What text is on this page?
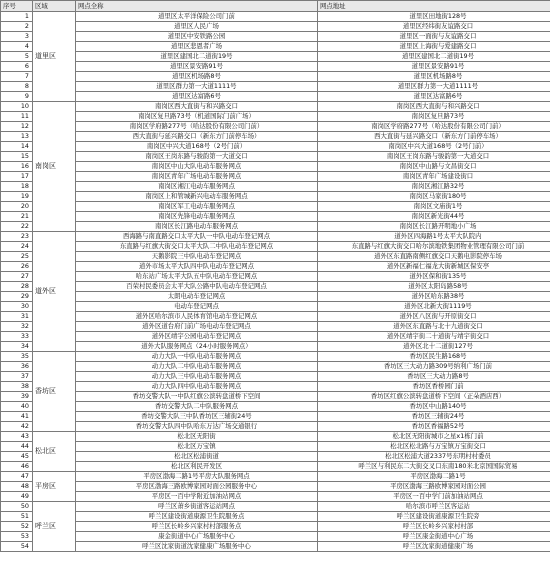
序号	区域	网点全称	网点地址
1	道里区	道里区太平洋保险公司门前	道里区田地街128号
2		道里区人民广场	道里区经纬街友谊路交口
3		道里区中安铁路公园	道里区一面街与友谊路交口
4		道里区悲恩者广场	道里区上海街与爱建路交口
5		道里区建国北二道街19号	道里区建国北二道街19号
6		道里区景安路91号	道里区景安路91号
7		道里区机场路8号	道里区机场路8号
8		道里区群力第一大道1111号	道里区群力第一大道1111号
9		道里区达富路6号	道里区达富路6号
10	南岗区	南岗区西大直街与和兴路交口	南岗区西大直街与和兴路交口
11		南岗区复旦路73号（机道国际门前广场）	南岗区复旦路73号
12		南岗区学府路277号（哈达股份有限公司门前）	南岗区学府路277号（哈达股份有限公司门前）
13		西大直街与延兴路交口（新东方门前停车场）	西大直街与延兴路交口（新东方门前停车场）
14		南岗区中兴大道168号（2号门前）	南岗区中兴大道168号（2号门前）
15		南岗区王岗东路与骏韵第一大道交口	南岗区王岗东路与骏韵第一大道交口
16		南岗区中山大队电动车服务网点	南岗区中山路与文昌街交口
17		南岗区青年广场电动车服务网点	南岗区青年广场建设街口
18		南岗区湘江电动车服务网点	南岗区湘江路32号
19		南岗区上和管城新兴电动车服务网点	南岗区马家街180号
20		南岗区军工电动车服务网点	南岗区文庙街1号
21		南岗区先锋电动车服务网点	南岗区新光街44号
22		南岗区长江路电动车服务网点	南岗区长江路开明地小广场
23	道外区	西海路与南直路交口太平大队一中队电动车登记网点	道外区四海路1号太平大队院内
24		东直路与红旗大街交口太平大队二中队电动车登记网点	东直路与红旗大街交口哈尔滨地铁集团物业管理有限公司门前
25		天鹅影院三中队电动车登记网点	道外区东直路南侧红旗交口天鹅电影院停车场
26		道外市场太平大队四中队电动车登记网点	道外区新福仁福龙大街新城区保安亭
27		哈东站广场太平大队五中队电动车登记网点	道外区保和街135号
28		百荣村民委员会太平大队公路中队电动车登记网点	道外区太阳岛路58号
29		太朗电动车登记网点	道外区哈东路38号
30		电动车登记网点	道外区北新大街1119号
31		道外区哈尔滨市人民体育馆电动车登记网点	道外区八区街与开原街交口
32		道外区道台府门前广场电动车登记网点	道外区东直路与北十九道街交口
33		道外区靖宇公园电动车登记网点	道外区靖宇街二十道街与靖宇街交口
34		道外大队服务网点（24小时服务网点）	道外区北十二道街127号
35	香坊区	动力大队一中队电动车服务网点	香坊区民生路168号
36		动力大队二中队电动车服务网点	香坊区三大动力路309号纳利广场门前
37		动力大队三中队电动车服务网点	香坊区三大动力路8号
38		动力大队四中队电动车服务网点	香坊区香桥园门前
39		香坊交警大队一中队红旗公滨转盘道桥下空间	香坊区红旗公滨转盘道桥下空间（正朵酒店西）
40		香坊交警大队二中队服务网点	香坊区中山路140号
41		香坊交警大队三中队香坊区三辅街24号	香坊区三辅街24号
42		香坊交警大队四中队哈东万达广场交通银行	香坊区香福路52号
43	松北区	松北区无阳街	松北区无阳街城市之星x1栋门前
44		松北区万宝镇	松北区松北路与万宝镇万宝街交口
45		松北区松浦街道	松北区松浦大道2337号东明村村委员
46		松北区利民开发区	呼兰区与利民东二大街交叉口东南180米北京国国际贸易
47	平房区	平房区渤海二路1号平房大队服务网点	平房区渤海二路1号
48		平房区渤海三路欧博家园对面公园服务中心	平房区渤海三路欧博家园对面公园
49		平房区一百中学附近加油站网点	平房区一百中学门前加油站网点
50	呼兰区	呼兰区萧乡街道客运站网点	哈尔滨市呼兰区客运站
51		呼兰区建设街道康源卫生院服务点	呼兰区建设街道康源卫生院旁
52		呼兰区长岭乡兴家村村部服务点	呼兰区长岭乡兴家村村部
53		康金街道中心广场服务中心	呼兰区康金街道中心广场
54		呼兰区沈家街道沈家健康广场服务中心	呼兰区沈家街道健康广场
